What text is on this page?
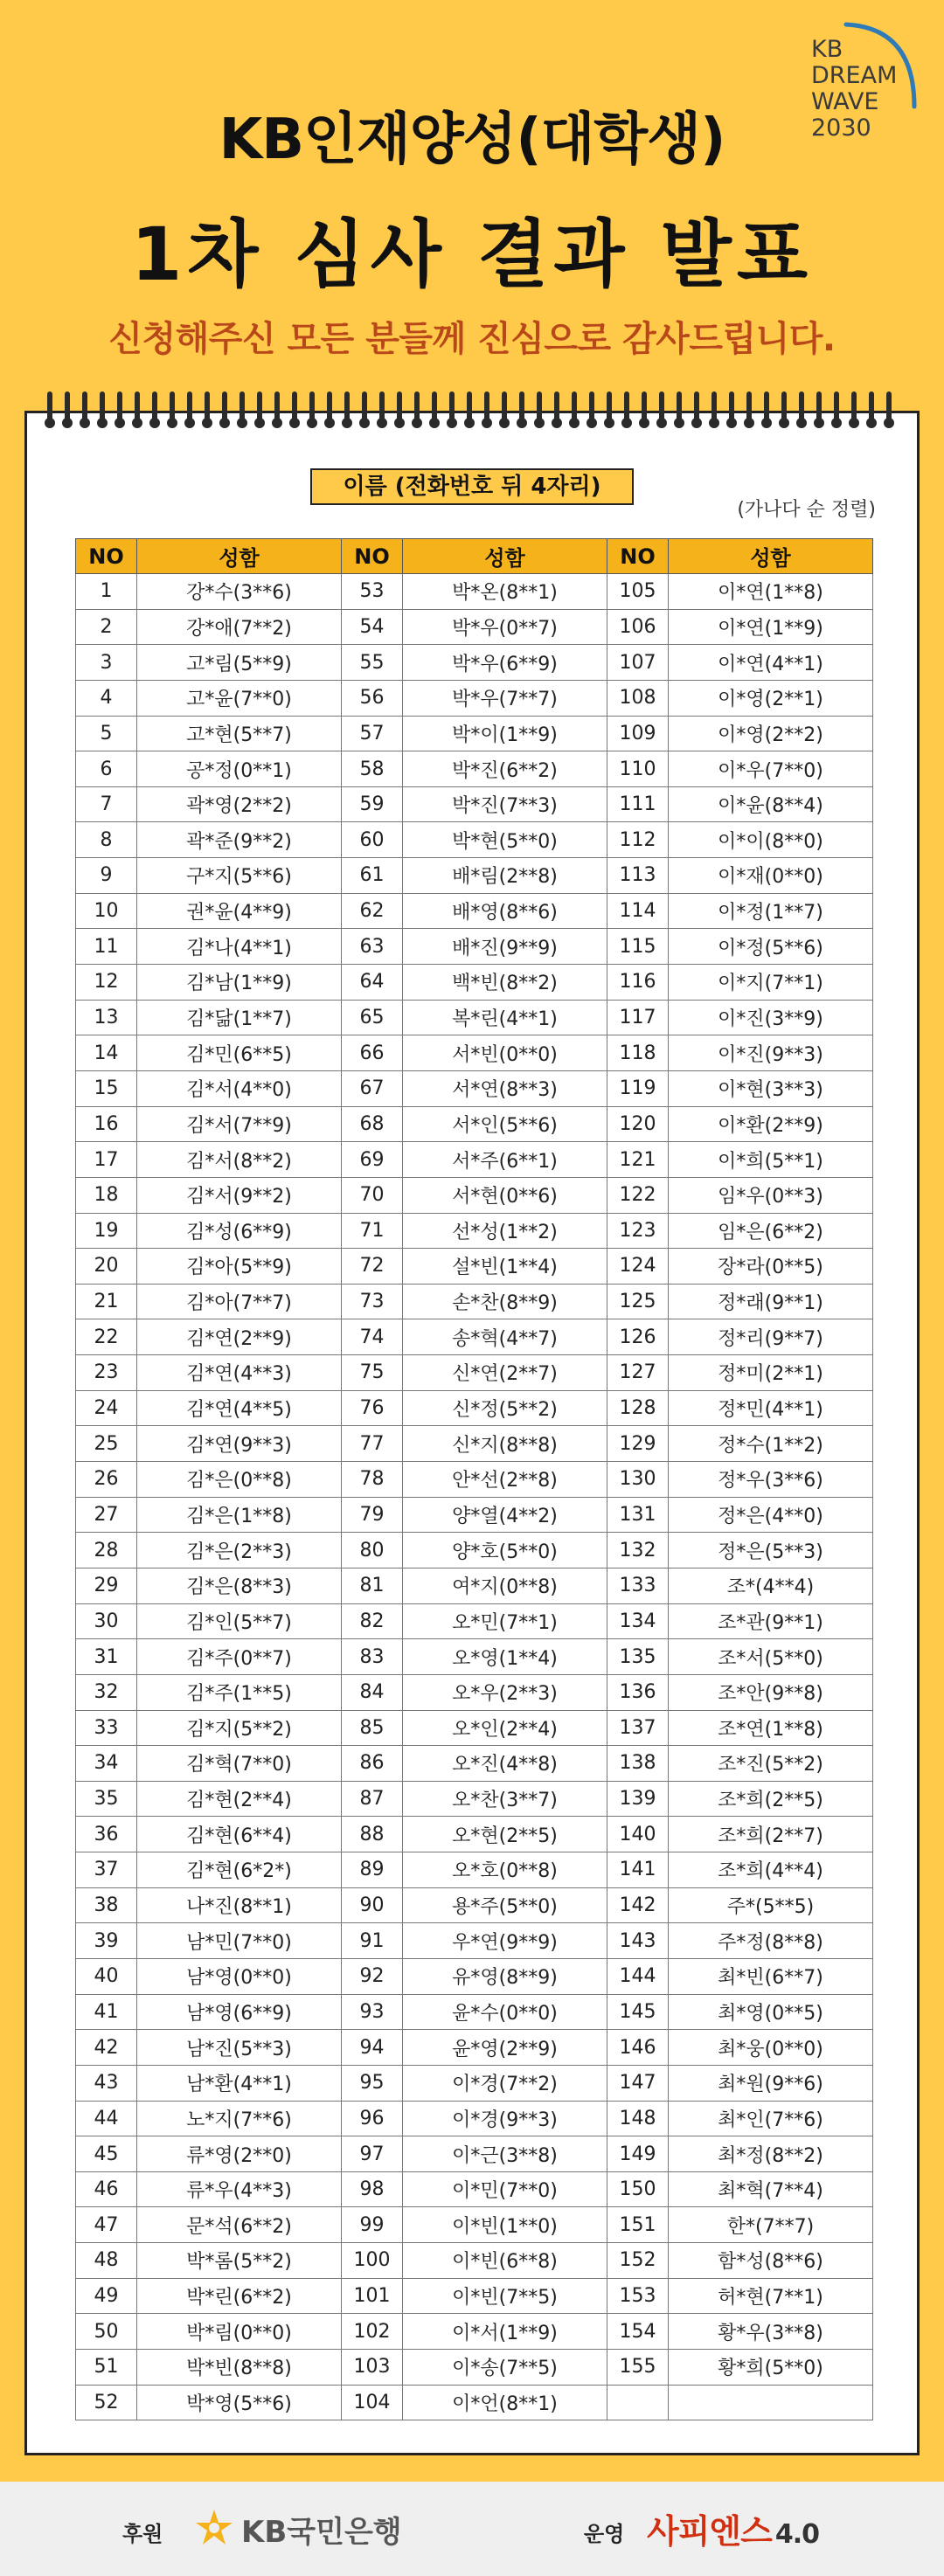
KB
DREAM
WAVE
2030
KB인재양성(대학생)
1차 심사 결과 발표
신청해주신 모든 분들께 진심으로 감사드립니다.
이름 (전화번호 뒤 4자리)
(가나다 순 정렬)
NO	성함	NO	성함	NO	성함
1	강*수(3**6)	53	박*온(8**1)	105	이*연(1**8)
2	강*애(7**2)	54	박*우(0**7)	106	이*연(1**9)
3	고*림(5**9)	55	박*우(6**9)	107	이*연(4**1)
4	고*윤(7**0)	56	박*우(7**7)	108	이*영(2**1)
5	고*현(5**7)	57	박*이(1**9)	109	이*영(2**2)
6	공*정(0**1)	58	박*진(6**2)	110	이*우(7**0)
7	곽*영(2**2)	59	박*진(7**3)	111	이*윤(8**4)
8	곽*준(9**2)	60	박*현(5**0)	112	이*이(8**0)
9	구*지(5**6)	61	배*림(2**8)	113	이*재(0**0)
10	권*윤(4**9)	62	배*영(8**6)	114	이*정(1**7)
11	김*나(4**1)	63	배*진(9**9)	115	이*정(5**6)
12	김*남(1**9)	64	백*빈(8**2)	116	이*지(7**1)
13	김*닮(1**7)	65	복*린(4**1)	117	이*진(3**9)
14	김*민(6**5)	66	서*빈(0**0)	118	이*진(9**3)
15	김*서(4**0)	67	서*연(8**3)	119	이*현(3**3)
16	김*서(7**9)	68	서*인(5**6)	120	이*환(2**9)
17	김*서(8**2)	69	서*주(6**1)	121	이*희(5**1)
18	김*서(9**2)	70	서*현(0**6)	122	임*우(0**3)
19	김*성(6**9)	71	선*성(1**2)	123	임*은(6**2)
20	김*아(5**9)	72	설*빈(1**4)	124	장*라(0**5)
21	김*아(7**7)	73	손*찬(8**9)	125	정*래(9**1)
22	김*연(2**9)	74	송*혁(4**7)	126	정*리(9**7)
23	김*연(4**3)	75	신*연(2**7)	127	정*미(2**1)
24	김*연(4**5)	76	신*정(5**2)	128	정*민(4**1)
25	김*연(9**3)	77	신*지(8**8)	129	정*수(1**2)
26	김*은(0**8)	78	안*선(2**8)	130	정*우(3**6)
27	김*은(1**8)	79	양*열(4**2)	131	정*은(4**0)
28	김*은(2**3)	80	양*호(5**0)	132	정*은(5**3)
29	김*은(8**3)	81	여*지(0**8)	133	조*(4**4)
30	김*인(5**7)	82	오*민(7**1)	134	조*관(9**1)
31	김*주(0**7)	83	오*영(1**4)	135	조*서(5**0)
32	김*주(1**5)	84	오*우(2**3)	136	조*안(9**8)
33	김*지(5**2)	85	오*인(2**4)	137	조*연(1**8)
34	김*혁(7**0)	86	오*진(4**8)	138	조*진(5**2)
35	김*현(2**4)	87	오*찬(3**7)	139	조*희(2**5)
36	김*현(6**4)	88	오*현(2**5)	140	조*희(2**7)
37	김*현(6*2*)	89	오*호(0**8)	141	조*희(4**4)
38	나*진(8**1)	90	용*주(5**0)	142	주*(5**5)
39	남*민(7**0)	91	우*연(9**9)	143	주*정(8**8)
40	남*영(0**0)	92	유*영(8**9)	144	최*빈(6**7)
41	남*영(6**9)	93	윤*수(0**0)	145	최*영(0**5)
42	남*진(5**3)	94	윤*영(2**9)	146	최*웅(0**0)
43	남*환(4**1)	95	이*경(7**2)	147	최*원(9**6)
44	노*지(7**6)	96	이*경(9**3)	148	최*인(7**6)
45	류*영(2**0)	97	이*근(3**8)	149	최*정(8**2)
46	류*우(4**3)	98	이*민(7**0)	150	최*혁(7**4)
47	문*석(6**2)	99	이*빈(1**0)	151	한*(7**7)
48	박*롬(5**2)	100	이*빈(6**8)	152	함*성(8**6)
49	박*린(6**2)	101	이*빈(7**5)	153	허*현(7**1)
50	박*림(0**0)	102	이*서(1**9)	154	황*우(3**8)
51	박*빈(8**8)	103	이*송(7**5)	155	황*희(5**0)
52	박*영(5**6)	104	이*언(8**1)		
후원	KB국민은행	운영 사피엔스 4.0
